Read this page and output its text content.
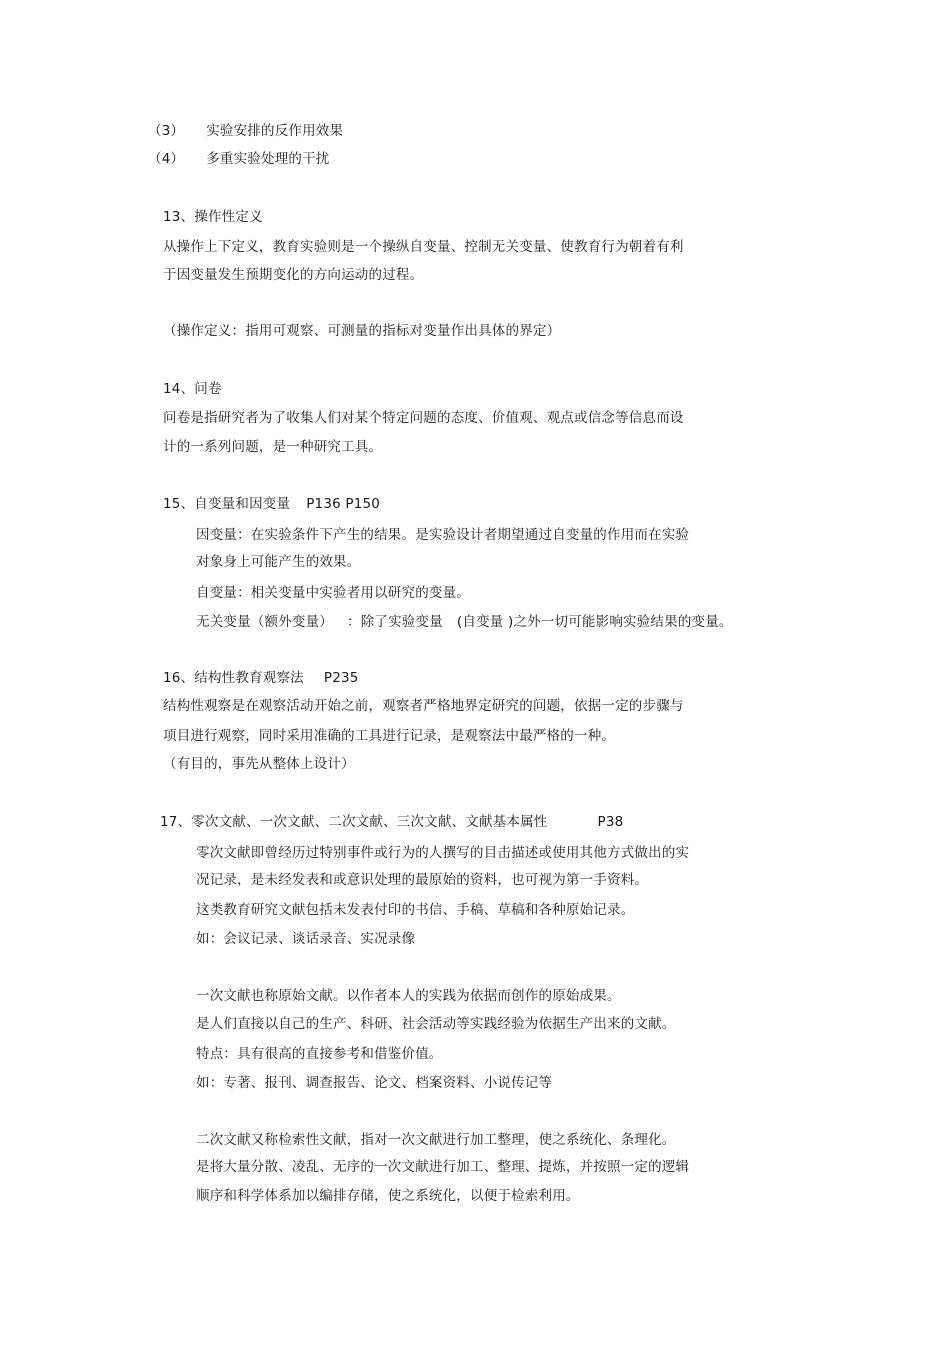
（3） 实验安排的反作用效果
（4） 多重实验处理的干扰
13、操作性定义
从操作上下定义，教育实验则是一个操纵自变量、控制无关变量、使教育行为朝着有利
于因变量发生预期变化的方向运动的过程。
（操作定义：指用可观察、可测量的指标对变量作出具体的界定）
14、问卷
问卷是指研究者为了收集人们对某个特定问题的态度、价值观、观点或信念等信息而设
计的一系列问题，是一种研究工具。
15、自变量和因变量 P136 P150
因变量：在实验条件下产生的结果。是实验设计者期望通过自变量的作用而在实验
对象身上可能产生的效果。
自变量：相关变量中实验者用以研究的变量。
无关变量（额外变量） ：除了实验变量 (自变量 )之外一切可能影响实验结果的变量。
16、结构性教育观察法 P235
结构性观察是在观察活动开始之前，观察者严格地界定研究的问题，依据一定的步骤与
项目进行观察，同时采用准确的工具进行记录，是观察法中最严格的一种。
（有目的，事先从整体上设计）
17、零次文献、一次文献、二次文献、三次文献、文献基本属性	P38
零次文献即曾经历过特别事件或行为的人撰写的目击描述或使用其他方式做出的实
况记录，是未经发表和或意识处理的最原始的资料，也可视为第一手资料。
这类教育研究文献包括未发表付印的书信、手稿、草稿和各种原始记录。
如：会议记录、谈话录音、实况录像
一次文献也称原始文献。以作者本人的实践为依据而创作的原始成果。
是人们直接以自己的生产、科研、社会活动等实践经验为依据生产出来的文献。
特点：具有很高的直接参考和借鉴价值。
如：专著、报刊、调查报告、论文、档案资料、小说传记等
二次文献又称检索性文献，指对一次文献进行加工整理，使之系统化、条理化。
是将大量分散、凌乱、无序的一次文献进行加工、整理、提炼，并按照一定的逻辑
顺序和科学体系加以编排存储，使之系统化，以便于检索利用。
